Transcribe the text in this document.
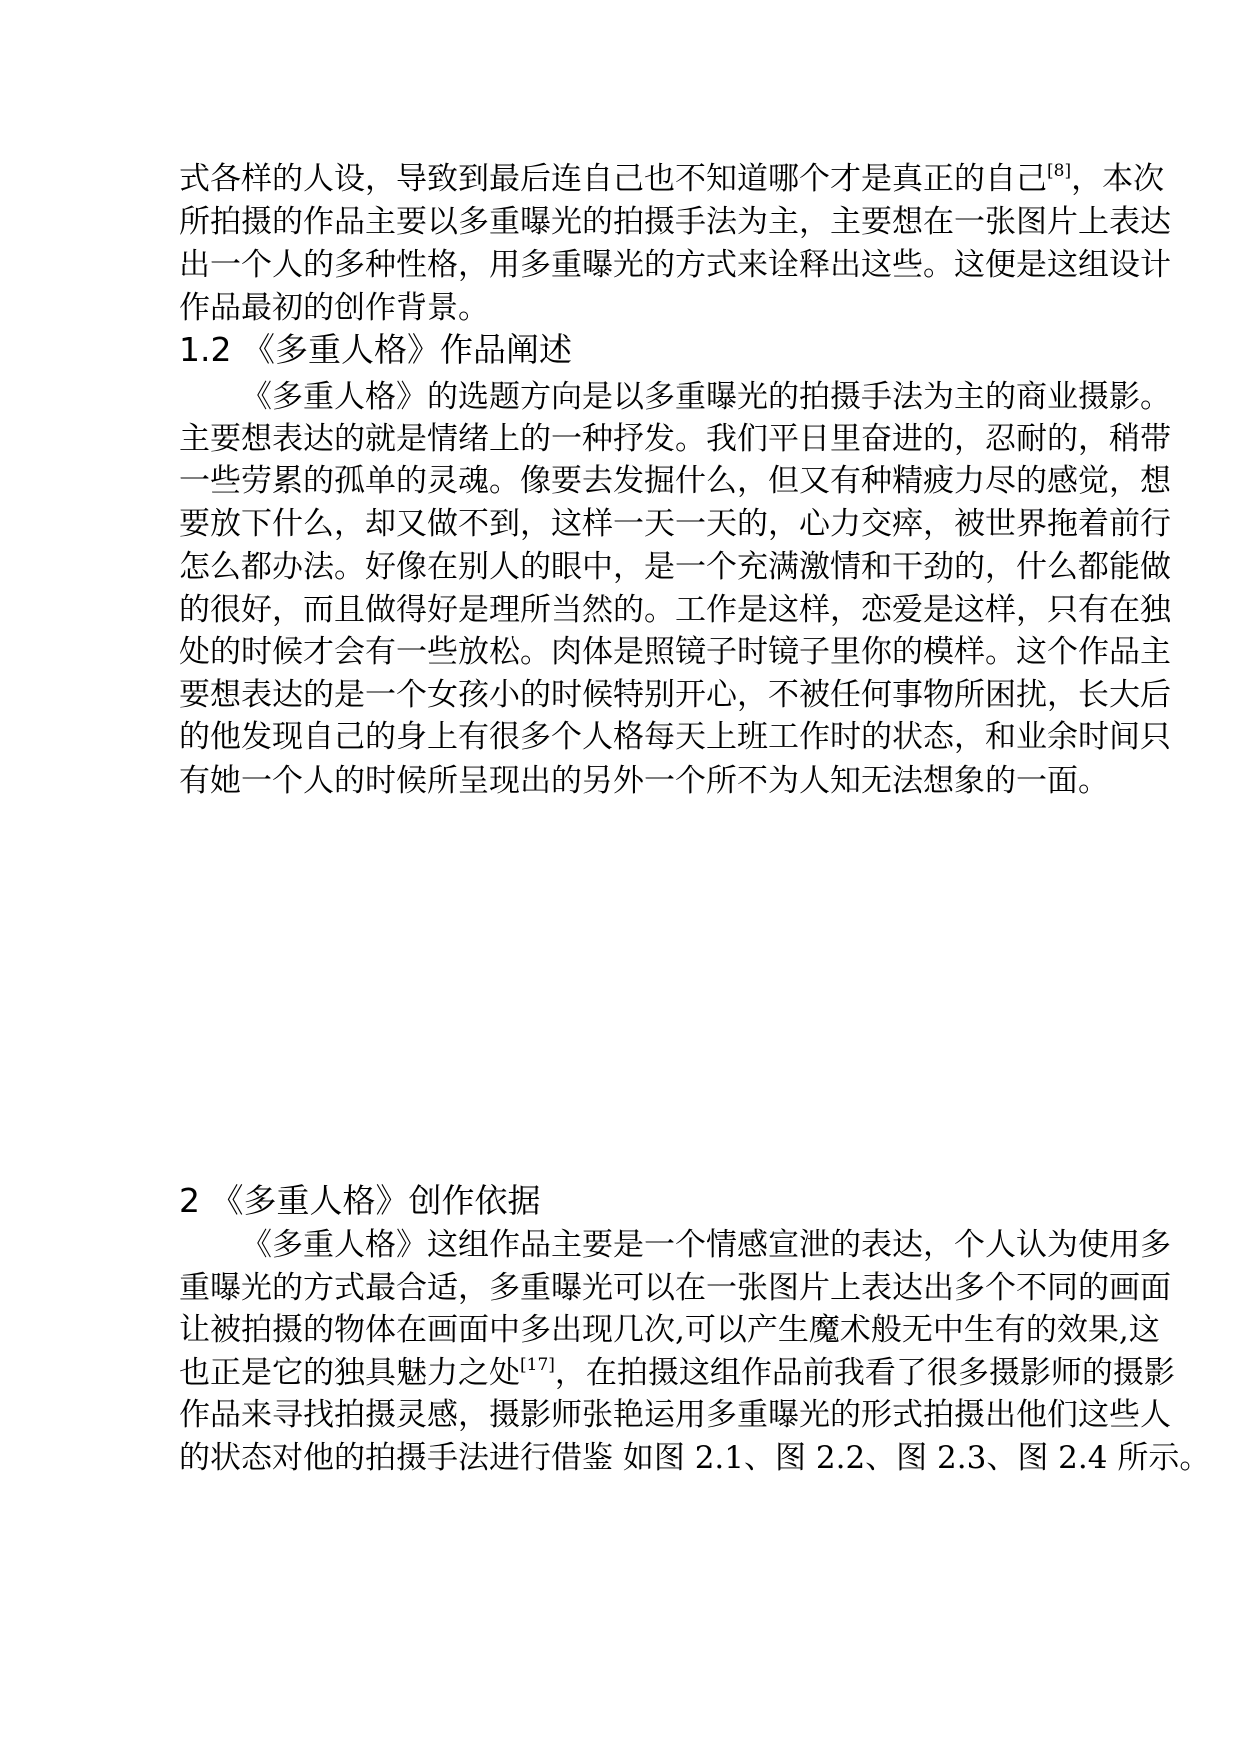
式各样的人设，导致到最后连自己也不知道哪个才是真正的自己[8]，本次
所拍摄的作品主要以多重曝光的拍摄手法为主，主要想在一张图片上表达
出一个人的多种性格，用多重曝光的方式来诠释出这些。这便是这组设计
作品最初的创作背景。
1.2 《多重人格》作品阐述
《多重人格》的选题方向是以多重曝光的拍摄手法为主的商业摄影。
主要想表达的就是情绪上的一种抒发。我们平日里奋进的，忍耐的，稍带
一些劳累的孤单的灵魂。像要去发掘什么，但又有种精疲力尽的感觉，想
要放下什么，却又做不到，这样一天一天的，心力交瘁，被世界拖着前行
怎么都办法。好像在别人的眼中，是一个充满激情和干劲的，什么都能做
的很好，而且做得好是理所当然的。工作是这样，恋爱是这样，只有在独
处的时候才会有一些放松。肉体是照镜子时镜子里你的模样。这个作品主
要想表达的是一个女孩小的时候特别开心，不被任何事物所困扰，长大后
的他发现自己的身上有很多个人格每天上班工作时的状态，和业余时间只
有她一个人的时候所呈现出的另外一个所不为人知无法想象的一面。
2 《多重人格》创作依据
《多重人格》这组作品主要是一个情感宣泄的表达，个人认为使用多
重曝光的方式最合适，多重曝光可以在一张图片上表达出多个不同的画面
让被拍摄的物体在画面中多出现几次,可以产生魔术般无中生有的效果,这
也正是它的独具魅力之处[17]，在拍摄这组作品前我看了很多摄影师的摄影
作品来寻找拍摄灵感，摄影师张艳运用多重曝光的形式拍摄出他们这些人
的状态对他的拍摄手法进行借鉴 如图 2.1、图 2.2、图 2.3、图 2.4 所示。
